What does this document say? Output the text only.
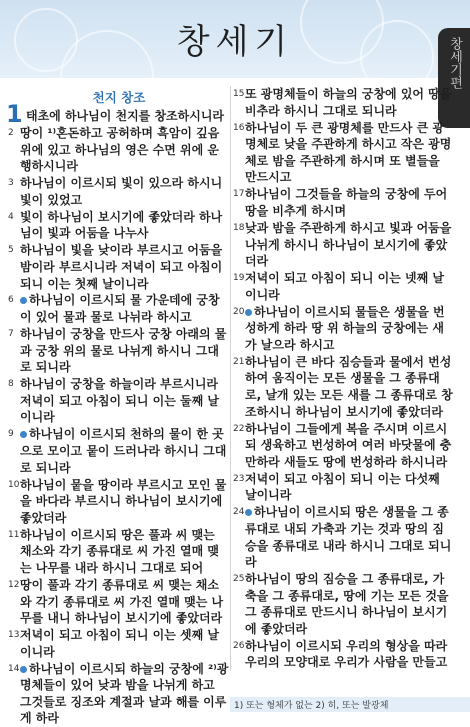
창세기	창세기편
천지 창조
1 태초에 하나님이 천지를 창조하시니라
2 땅이 ¹⁾혼돈하고 공허하며 흑암이 깊음 위에 있고 하나님의 영은 수면 위에 운행하시니라
3 하나님이 이르시되 빛이 있으라 하시니 빛이 있었고
4 빛이 하나님이 보시기에 좋았더라 하나님이 빛과 어둠을 나누사
5 하나님이 빛을 낮이라 부르시고 어둠을 밤이라 부르시니라 저녁이 되고 아침이 되니 이는 첫째 날이니라
6 하나님이 이르시되 물 가운데에 궁창이 있어 물과 물로 나뉘라 하시고
7 하나님이 궁창을 만드사 궁창 아래의 물과 궁창 위의 물로 나뉘게 하시니 그대로 되니라
8 하나님이 궁창을 하늘이라 부르시니라 저녁이 되고 아침이 되니 이는 둘째 날이니라
9 하나님이 이르시되 천하의 물이 한 곳으로 모이고 뭍이 드러나라 하시니 그대로 되니라
10 하나님이 뭍을 땅이라 부르시고 모인 물을 바다라 부르시니 하나님이 보시기에 좋았더라
11 하나님이 이르시되 땅은 풀과 씨 맺는 채소와 각기 종류대로 씨 가진 열매 맺는 나무를 내라 하시니 그대로 되어
12 땅이 풀과 각기 종류대로 씨 맺는 채소와 각기 종류대로 씨 가진 열매 맺는 나무를 내니 하나님이 보시기에 좋았더라
13 저녁이 되고 아침이 되니 이는 셋째 날이니라
14 하나님이 이르시되 하늘의 궁창에 ²⁾광명체들이 있어 낮과 밤을 나뉘게 하고 그것들로 징조와 계절과 날과 해를 이루게 하라
15 또 광명체들이 하늘의 궁창에 있어 땅을 비추라 하시니 그대로 되니라
16 하나님이 두 큰 광명체를 만드사 큰 광명체로 낮을 주관하게 하시고 작은 광명체로 밤을 주관하게 하시며 또 별들을 만드시고
17 하나님이 그것들을 하늘의 궁창에 두어 땅을 비추게 하시며
18 낮과 밤을 주관하게 하시고 빛과 어둠을 나뉘게 하시니 하나님이 보시기에 좋았더라
19 저녁이 되고 아침이 되니 이는 넷째 날이니라
20 하나님이 이르시되 물들은 생물을 번성하게 하라 땅 위 하늘의 궁창에는 새가 날으라 하시고
21 하나님이 큰 바다 짐승들과 물에서 번성하여 움직이는 모든 생물을 그 종류대로, 날개 있는 모든 새를 그 종류대로 창조하시니 하나님이 보시기에 좋았더라
22 하나님이 그들에게 복을 주시며 이르시되 생육하고 번성하여 여러 바닷물에 충만하라 새들도 땅에 번성하라 하시니라
23 저녁이 되고 아침이 되니 이는 다섯째 날이니라
24 하나님이 이르시되 땅은 생물을 그 종류대로 내되 가축과 기는 것과 땅의 짐승을 종류대로 내라 하시니 그대로 되니라
25 하나님이 땅의 짐승을 그 종류대로, 가축을 그 종류대로, 땅에 기는 모든 것을 그 종류대로 만드시니 하나님이 보시기에 좋았더라
26 하나님이 이르시되 우리의 형상을 따라 우리의 모양대로 우리가 사람을 만들고
1) 또는 형체가 없는 2) 히, 또는 발광체
